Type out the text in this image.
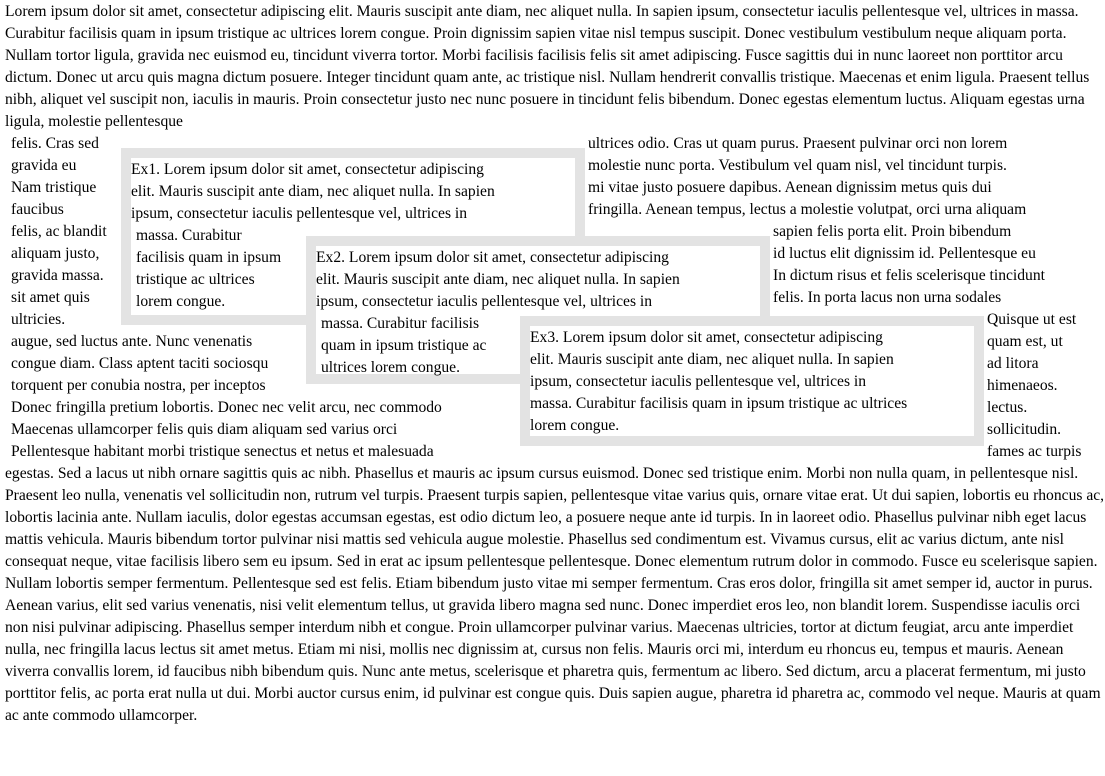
Lorem ipsum dolor sit amet, consectetur adipiscing elit. Mauris suscipit ante diam, nec aliquet nulla. In sapien ipsum, consectetur iaculis pellentesque vel, ultrices in massa. Curabitur facilisis quam in ipsum tristique ac ultrices lorem congue. Proin dignissim sapien vitae nisl tempus suscipit. Donec vestibulum vestibulum neque aliquam porta. Nullam tortor ligula, gravida nec euismod eu, tincidunt viverra tortor. Morbi facilisis facilisis felis sit amet adipiscing. Fusce sagittis dui in nunc laoreet non porttitor arcu dictum. Donec ut arcu quis magna dictum posuere. Integer tincidunt quam ante, ac tristique nisl. Nullam hendrerit convallis tristique. Maecenas et enim ligula. Praesent tellus nibh, aliquet vel suscipit non, iaculis in mauris. Proin consectetur justo nec nunc posuere in tincidunt felis bibendum. Donec egestas elementum luctus. Aliquam egestas urna ligula, molestie pellentesque

felis. Cras sed
gravida eu
Nam tristique
faucibus
felis, ac blandit
aliquam justo,
gravida massa.
sit amet quis
ultricies.
augue, sed luctus ante. Nunc venenatis
congue diam. Class aptent taciti sociosqu
torquent per conubia nostra, per inceptos
Donec fringilla pretium lobortis. Donec nec velit arcu, nec commodo
Maecenas ullamcorper felis quis diam aliquam sed varius orci
Pellentesque habitant morbi tristique senectus et netus et malesuada
ultrices odio. Cras ut quam purus. Praesent pulvinar orci non lorem
molestie nunc porta. Vestibulum vel quam nisl, vel tincidunt turpis.
mi vitae justo posuere dapibus. Aenean dignissim metus quis dui
fringilla. Aenean tempus, lectus a molestie volutpat, orci urna aliquam
sapien felis porta elit. Proin bibendum
id luctus elit dignissim id. Pellentesque eu
In dictum risus et felis scelerisque tincidunt
felis. In porta lacus non urna sodales
Quisque ut est
quam est, ut
ad litora
himenaeos.
lectus.
sollicitudin.
fames ac turpis
Ex1. Lorem ipsum dolor sit amet, consectetur adipiscing
elit. Mauris suscipit ante diam, nec aliquet nulla. In sapien
ipsum, consectetur iaculis pellentesque vel, ultrices in
massa. Curabitur
facilisis quam in ipsum
tristique ac ultrices
lorem congue.
Ex2. Lorem ipsum dolor sit amet, consectetur adipiscing
elit. Mauris suscipit ante diam, nec aliquet nulla. In sapien
ipsum, consectetur iaculis pellentesque vel, ultrices in
massa. Curabitur facilisis
quam in ipsum tristique ac
ultrices lorem congue.
Ex3. Lorem ipsum dolor sit amet, consectetur adipiscing
elit. Mauris suscipit ante diam, nec aliquet nulla. In sapien
ipsum, consectetur iaculis pellentesque vel, ultrices in
massa. Curabitur facilisis quam in ipsum tristique ac ultrices
lorem congue.

egestas. Sed a lacus ut nibh ornare sagittis quis ac nibh. Phasellus et mauris ac ipsum cursus euismod. Donec sed tristique enim. Morbi non nulla quam, in pellentesque nisl. Praesent leo nulla, venenatis vel sollicitudin non, rutrum vel turpis. Praesent turpis sapien, pellentesque vitae varius quis, ornare vitae erat. Ut dui sapien, lobortis eu rhoncus ac, lobortis lacinia ante. Nullam iaculis, dolor egestas accumsan egestas, est odio dictum leo, a posuere neque ante id turpis. In in laoreet odio. Phasellus pulvinar nibh eget lacus mattis vehicula. Mauris bibendum tortor pulvinar nisi mattis sed vehicula augue molestie. Phasellus sed condimentum est. Vivamus cursus, elit ac varius dictum, ante nisl consequat neque, vitae facilisis libero sem eu ipsum. Sed in erat ac ipsum pellentesque pellentesque. Donec elementum rutrum dolor in commodo. Fusce eu scelerisque sapien. Nullam lobortis semper fermentum. Pellentesque sed est felis. Etiam bibendum justo vitae mi semper fermentum. Cras eros dolor, fringilla sit amet semper id, auctor in purus. Aenean varius, elit sed varius venenatis, nisi velit elementum tellus, ut gravida libero magna sed nunc. Donec imperdiet eros leo, non blandit lorem. Suspendisse iaculis orci non nisi pulvinar adipiscing. Phasellus semper interdum nibh et congue. Proin ullamcorper pulvinar varius. Maecenas ultricies, tortor at dictum feugiat, arcu ante imperdiet nulla, nec fringilla lacus lectus sit amet metus. Etiam mi nisi, mollis nec dignissim at, cursus non felis. Mauris orci mi, interdum eu rhoncus eu, tempus et mauris. Aenean viverra convallis lorem, id faucibus nibh bibendum quis. Nunc ante metus, scelerisque et pharetra quis, fermentum ac libero. Sed dictum, arcu a placerat fermentum, mi justo porttitor felis, ac porta erat nulla ut dui. Morbi auctor cursus enim, id pulvinar est congue quis. Duis sapien augue, pharetra id pharetra ac, commodo vel neque. Mauris at quam ac ante commodo ullamcorper.
